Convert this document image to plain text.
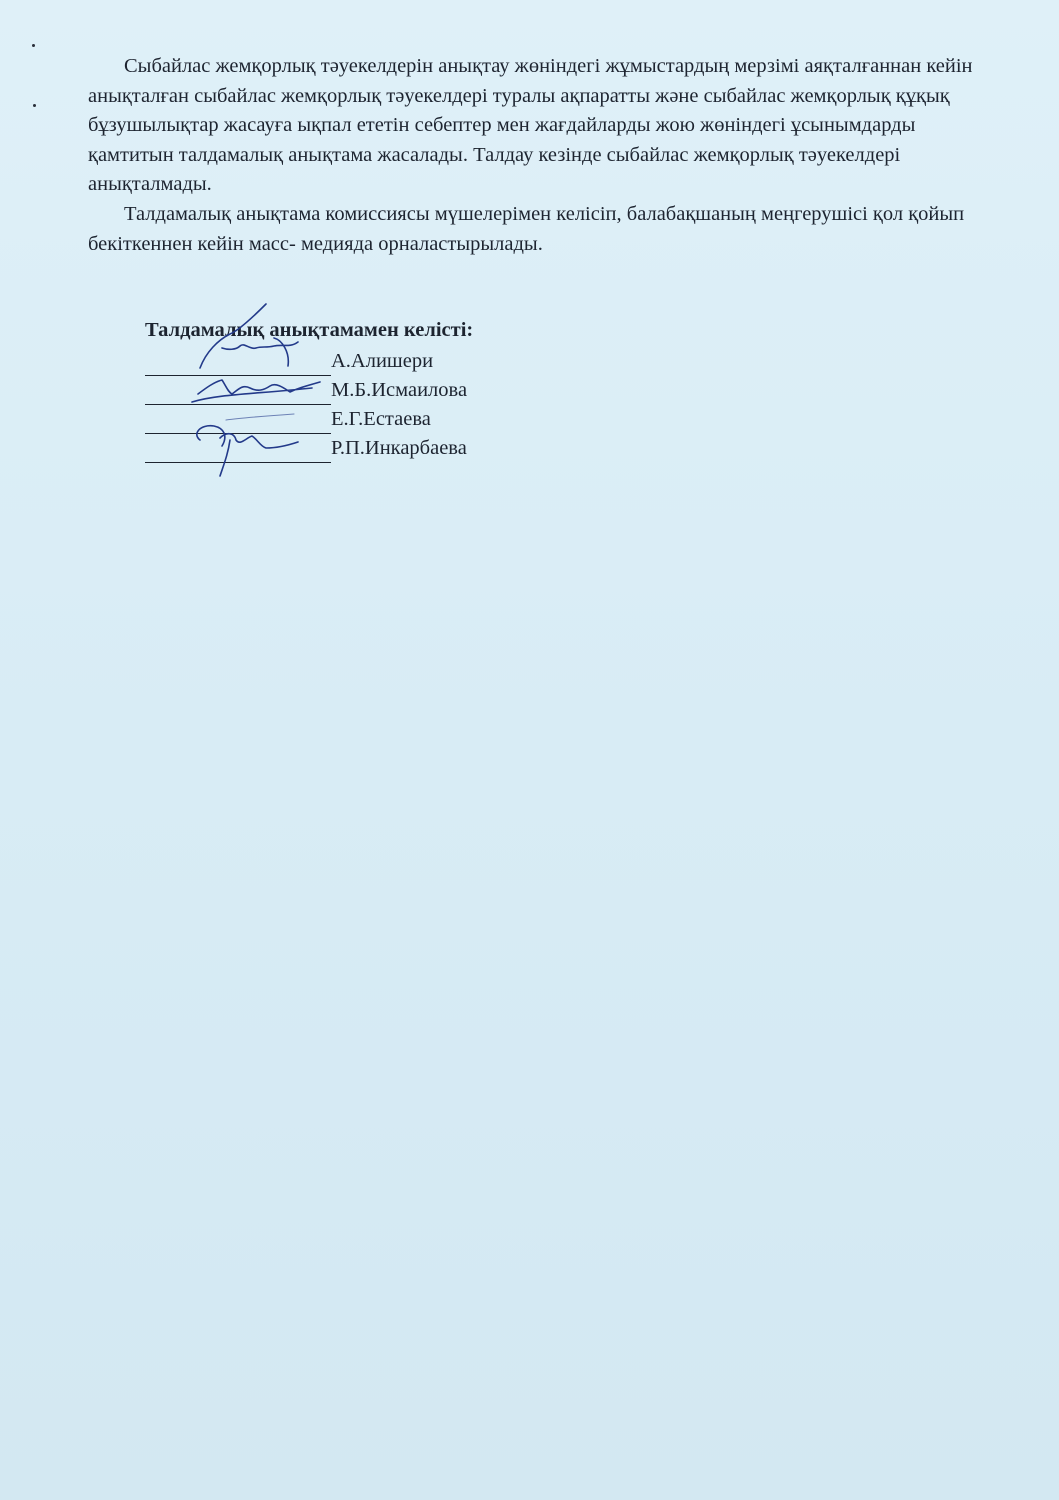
Сыбайлас жемқорлық тәуекелдерін анықтау жөніндегі жұмыстардың мерзімі аяқталғаннан кейін анықталған сыбайлас жемқорлық тәуекелдері туралы ақпаратты және сыбайлас жемқорлық құқық бұзушылықтар жасауға ықпал ететін себептер мен жағдайларды жою жөніндегі ұсынымдарды қамтитын талдамалық анықтама жасалады. Талдау кезінде сыбайлас жемқорлық тәуекелдері анықталмады.

Талдамалық анықтама комиссиясы мүшелерімен келісіп, балабақшаның меңгерушісі қол қойып бекіткеннен кейін масс- медияда орналастырылады.

Талдамалық анықтамамен келісті:

А.Алишери
М.Б.Исмаилова
Е.Г.Естаева
Р.П.Инкарбаева
